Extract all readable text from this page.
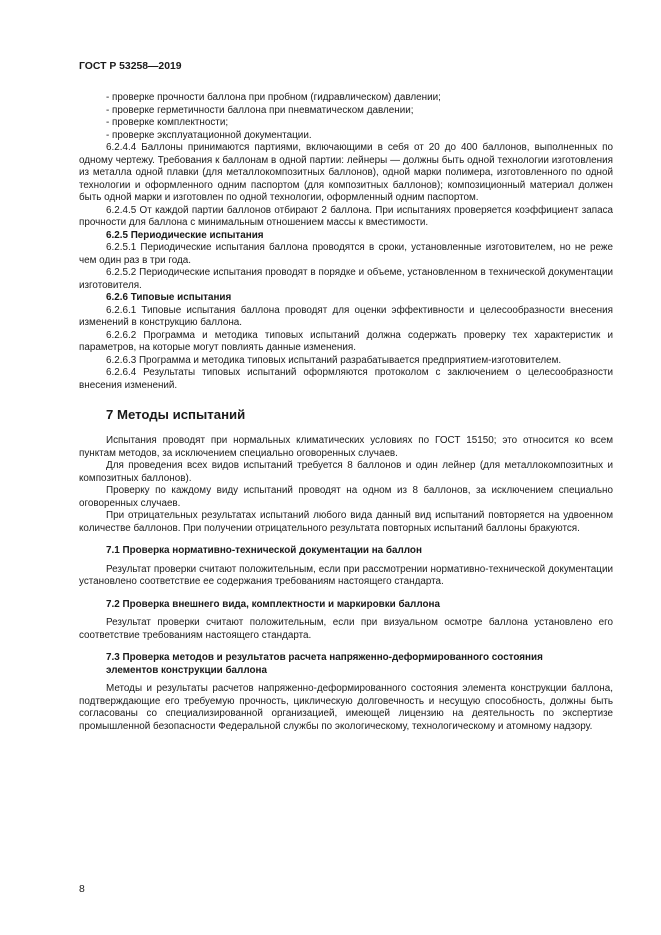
ГОСТ Р 53258—2019

- проверке прочности баллона при пробном (гидравлическом) давлении;

- проверке герметичности баллона при пневматическом давлении;

- проверке комплектности;

- проверке эксплуатационной документации.

6.2.4.4 Баллоны принимаются партиями, включающими в себя от 20 до 400 баллонов, выполненных по одному чертежу. Требования к баллонам в одной партии: лейнеры — должны быть одной технологии изготовления из металла одной плавки (для металлокомпозитных баллонов), одной марки полимера, изготовленного по одной технологии и оформленного одним паспортом (для композитных баллонов); композиционный материал должен быть одной марки и изготовлен по одной технологии, оформленный одним паспортом.

6.2.4.5 От каждой партии баллонов отбирают 2 баллона. При испытаниях проверяется коэффициент запаса прочности для баллона с минимальным отношением массы к вместимости.

6.2.5 Периодические испытания

6.2.5.1 Периодические испытания баллона проводятся в сроки, установленные изготовителем, но не реже чем один раз в три года.

6.2.5.2 Периодические испытания проводят в порядке и объеме, установленном в технической документации изготовителя.

6.2.6 Типовые испытания

6.2.6.1 Типовые испытания баллона проводят для оценки эффективности и целесообразности внесения изменений в конструкцию баллона.

6.2.6.2 Программа и методика типовых испытаний должна содержать проверку тех характеристик и параметров, на которые могут повлиять данные изменения.

6.2.6.3 Программа и методика типовых испытаний разрабатывается предприятием-изготовителем.

6.2.6.4 Результаты типовых испытаний оформляются протоколом с заключением о целесообразности внесения изменений.

7 Методы испытаний

Испытания проводят при нормальных климатических условиях по ГОСТ 15150; это относится ко всем пунктам методов, за исключением специально оговоренных случаев.

Для проведения всех видов испытаний требуется 8 баллонов и один лейнер (для металлокомпозитных и композитных баллонов).

Проверку по каждому виду испытаний проводят на одном из 8 баллонов, за исключением специально оговоренных случаев.

При отрицательных результатах испытаний любого вида данный вид испытаний повторяется на удвоенном количестве баллонов. При получении отрицательного результата повторных испытаний баллоны бракуются.

7.1 Проверка нормативно-технической документации на баллон

Результат проверки считают положительным, если при рассмотрении нормативно-технической документации установлено соответствие ее содержания требованиям настоящего стандарта.

7.2 Проверка внешнего вида, комплектности и маркировки баллона

Результат проверки считают положительным, если при визуальном осмотре баллона установлено его соответствие требованиям настоящего стандарта.

7.3 Проверка методов и результатов расчета напряженно-деформированного состояния
элементов конструкции баллона

Методы и результаты расчетов напряженно-деформированного состояния элемента конструкции баллона, подтверждающие его требуемую прочность, циклическую долговечность и несущую способность, должны быть согласованы со специализированной организацией, имеющей лицензию на деятельность по экспертизе промышленной безопасности Федеральной службы по экологическому, технологическому и атомному надзору.

8
